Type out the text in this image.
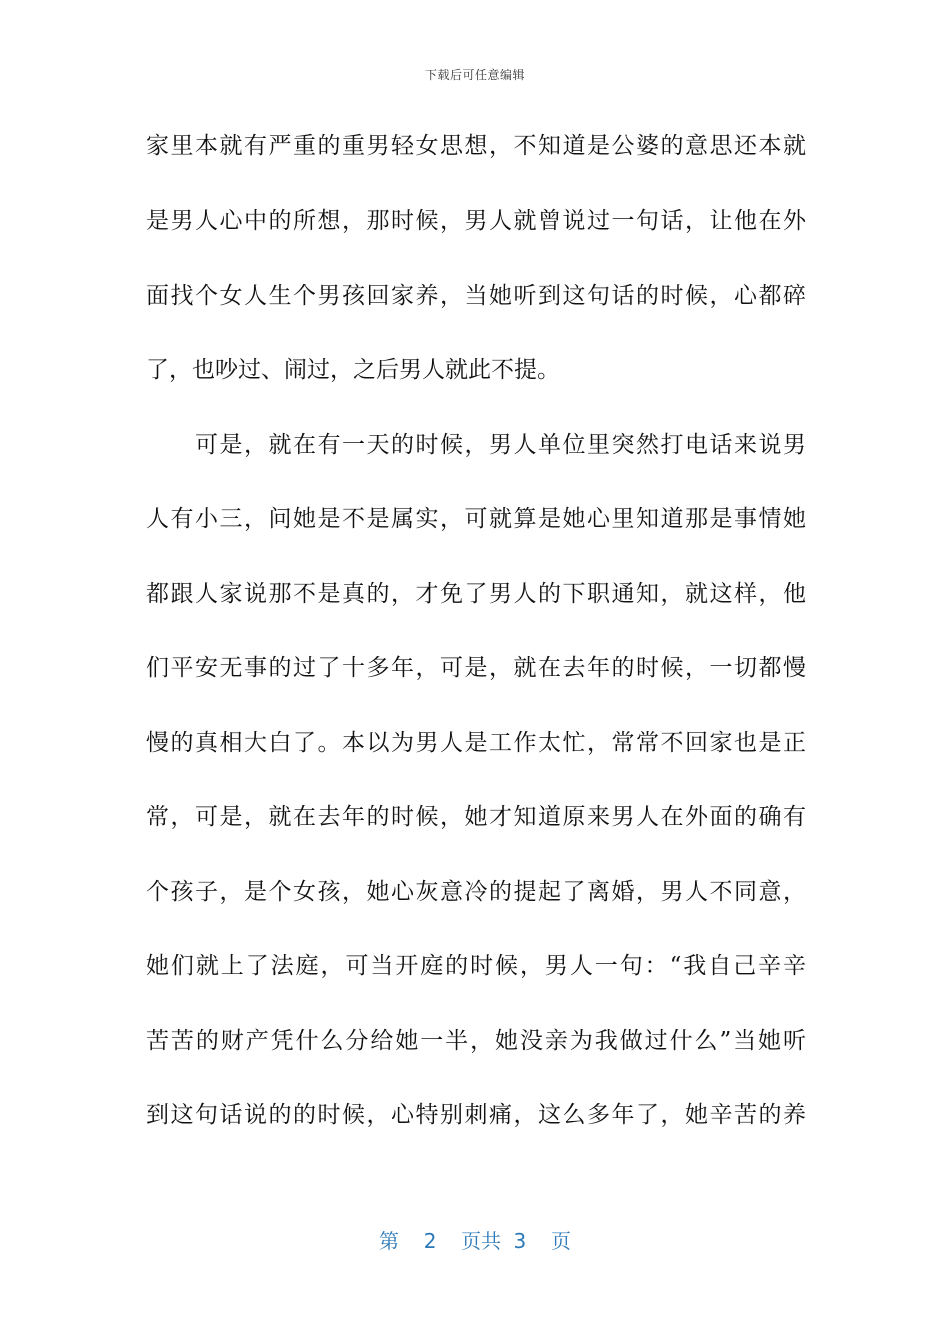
下载后可任意编辑
家里本就有严重的重男轻女思想，不知道是公婆的意思还本就
是男人心中的所想，那时候，男人就曾说过一句话，让他在外
面找个女人生个男孩回家养，当她听到这句话的时候，心都碎
了，也吵过、闹过，之后男人就此不提。
　　可是，就在有一天的时候，男人单位里突然打电话来说男
人有小三，问她是不是属实，可就算是她心里知道那是事情她
都跟人家说那不是真的，才免了男人的下职通知，就这样，他
们平安无事的过了十多年，可是，就在去年的时候，一切都慢
慢的真相大白了。本以为男人是工作太忙，常常不回家也是正
常，可是，就在去年的时候，她才知道原来男人在外面的确有
个孩子，是个女孩，她心灰意冷的提起了离婚，男人不同意，
她们就上了法庭，可当开庭的时候，男人一句：“我自己辛辛
苦苦的财产凭什么分给她一半，她没亲为我做过什么”当她听
到这句话说的的时候，心特别刺痛，这么多年了，她辛苦的养
第  2  页共 3  页
